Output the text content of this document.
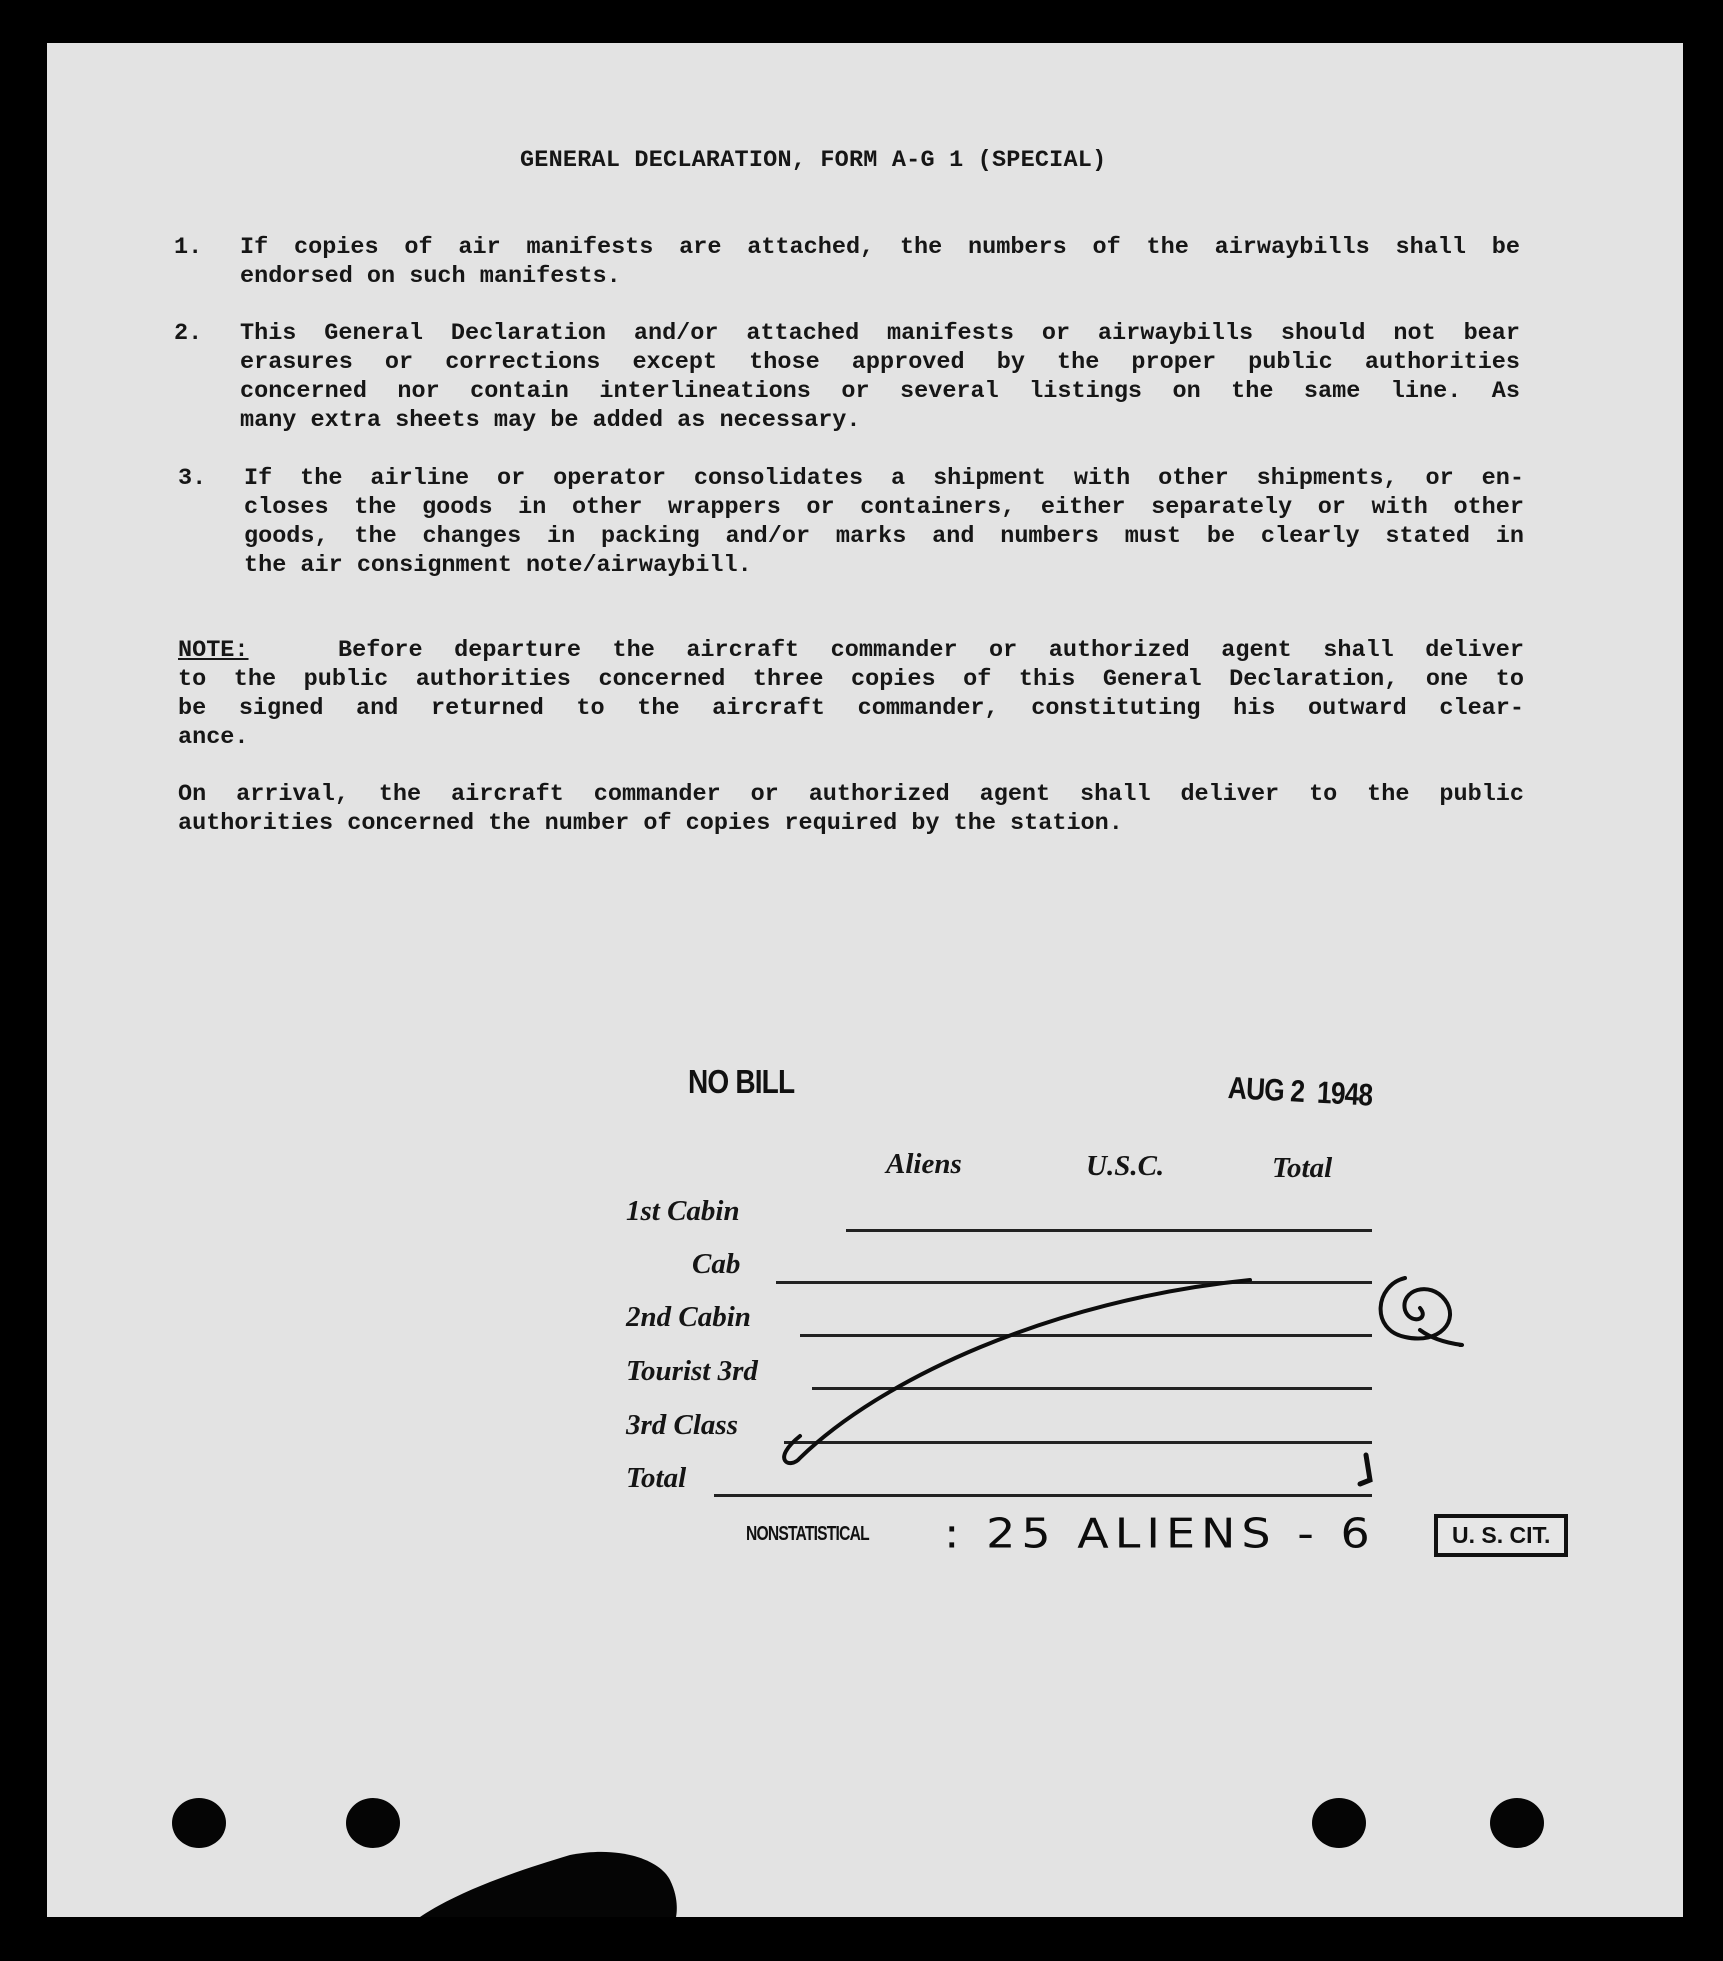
GENERAL DECLARATION, FORM A-G 1 (SPECIAL)
1. If copies of air manifests are attached, the numbers of the airwaybills shall be
endorsed on such manifests.
2. This General Declaration and/or attached manifests or airwaybills should not bear
erasures or corrections except those approved by the proper public authorities
concerned nor contain interlineations or several listings on the same line. As
many extra sheets may be added as necessary.
3. If the airline or operator consolidates a shipment with other shipments, or en-
closes the goods in other wrappers or containers, either separately or with other
goods, the changes in packing and/or marks and numbers must be clearly stated in
the air consignment note/airwaybill.
NOTE:	Before departure the aircraft commander or authorized agent shall deliver
to the public authorities concerned three copies of this General Declaration, one to
be signed and returned to the aircraft commander, constituting his outward clear-
ance.
On arrival, the aircraft commander or authorized agent shall deliver to the public
authorities concerned the number of copies required by the station.
NO BILL	AUG 2  1948
Aliens	U.S.C.	Total
1st Cabin
Cab
2nd Cabin
Tourist 3rd
3rd Class
Total
NONSTATISTICAL : 25 ALIENS - 6	U. S. CIT.
